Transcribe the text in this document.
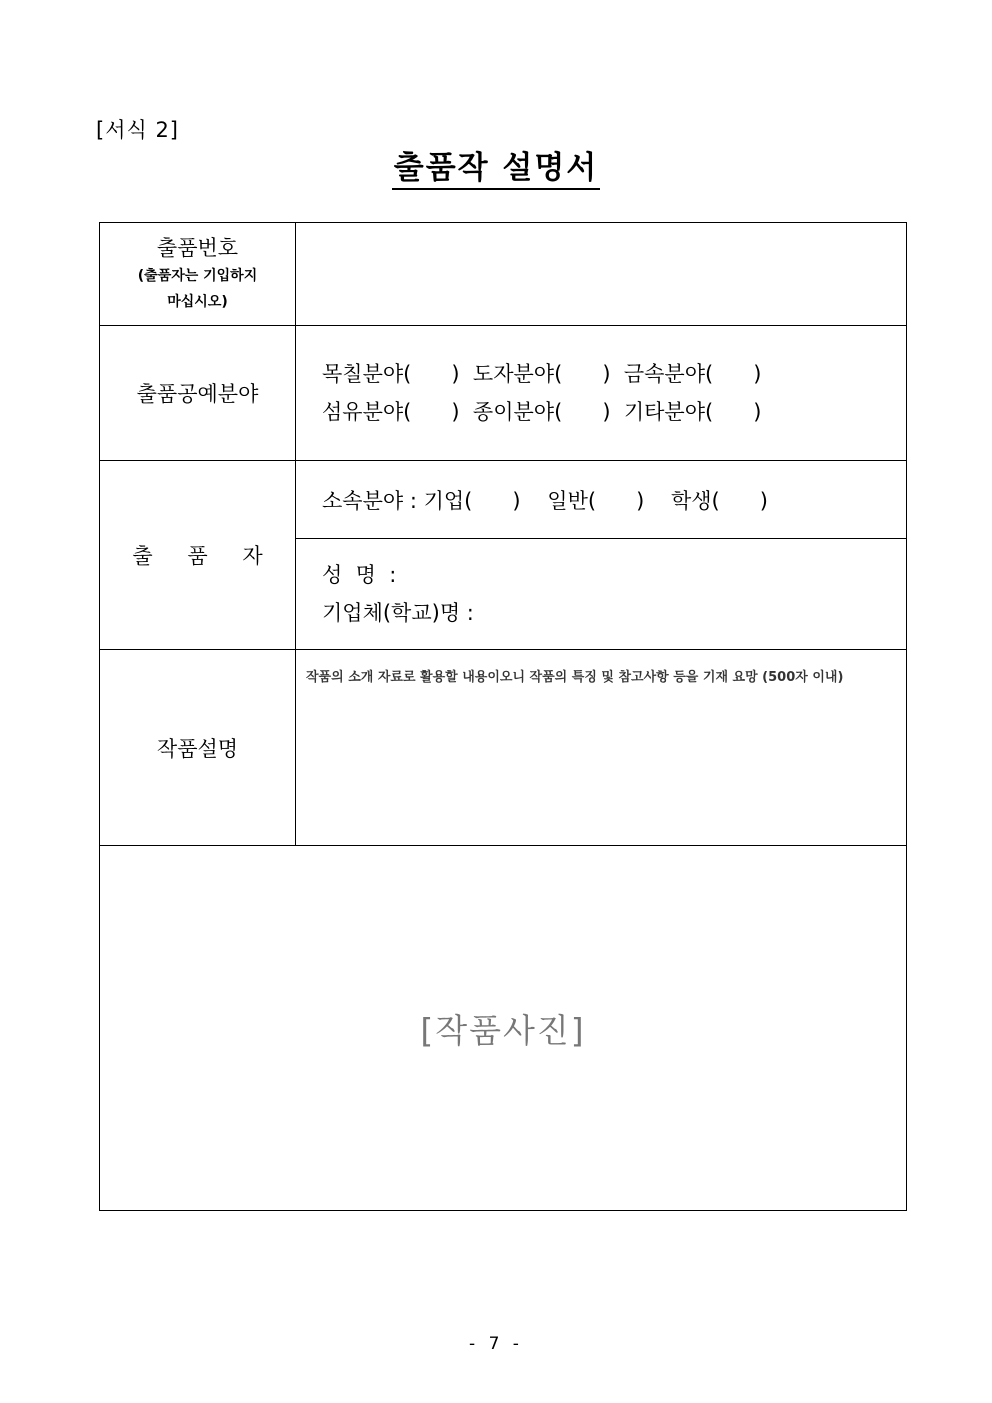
[서식 2]
출품작 설명서
출품번호
(출품자는 기입하지
마십시오)	

출품공예분야	목칠분야(      )  도자분야(      )  금속분야(      )
섬유분야(      )  종이분야(      )  기타분야(      )

출 품 자	소속분야 : 기업(      )    일반(      )    학생(      )

	성  명  :
기업체(학교)명 :

작품설명	작품의 소개 자료로 활용할 내용이오니 작품의 특징 및 참고사항 등을 기재 요망 (500자 이내)

[작품사진]	
- 7 -
